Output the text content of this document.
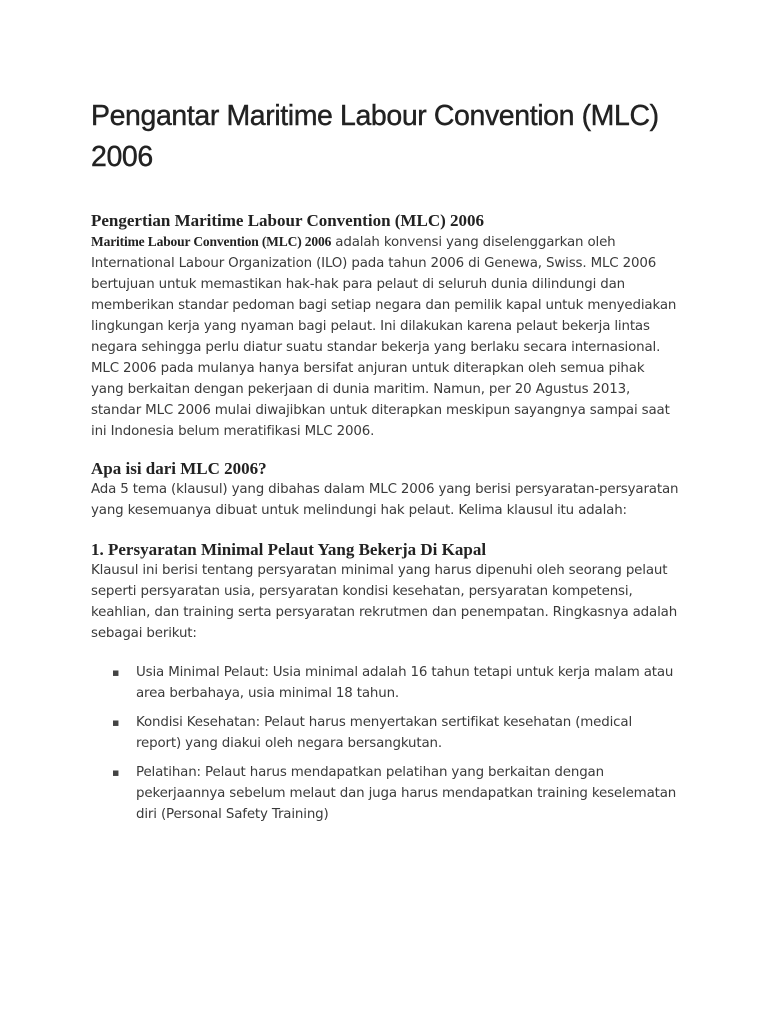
Pengantar Maritime Labour Convention (MLC) 2006
Pengertian Maritime Labour Convention (MLC) 2006

Maritime Labour Convention (MLC) 2006 adalah konvensi yang diselenggarkan oleh International Labour Organization (ILO) pada tahun 2006 di Genewa, Swiss. MLC 2006 bertujuan untuk memastikan hak-hak para pelaut di seluruh dunia dilindungi dan memberikan standar pedoman bagi setiap negara dan pemilik kapal untuk menyediakan lingkungan kerja yang nyaman bagi pelaut. Ini dilakukan karena pelaut bekerja lintas negara sehingga perlu diatur suatu standar bekerja yang berlaku secara internasional.

MLC 2006 pada mulanya hanya bersifat anjuran untuk diterapkan oleh semua pihak yang berkaitan dengan pekerjaan di dunia maritim. Namun, per 20 Agustus 2013, standar MLC 2006 mulai diwajibkan untuk diterapkan meskipun sayangnya sampai saat ini Indonesia belum meratifikasi MLC 2006.

Apa isi dari MLC 2006?

Ada 5 tema (klausul) yang dibahas dalam MLC 2006 yang berisi persyaratan-persyaratan yang kesemuanya dibuat untuk melindungi hak pelaut. Kelima klausul itu adalah:

1. Persyaratan Minimal Pelaut Yang Bekerja Di Kapal

Klausul ini berisi tentang persyaratan minimal yang harus dipenuhi oleh seorang pelaut seperti persyaratan usia, persyaratan kondisi kesehatan, persyaratan kompetensi, keahlian, dan training serta persyaratan rekrutmen dan penempatan. Ringkasnya adalah sebagai berikut:

▪ Usia Minimal Pelaut: Usia minimal adalah 16 tahun tetapi untuk kerja malam atau area berbahaya, usia minimal 18 tahun.
▪ Kondisi Kesehatan: Pelaut harus menyertakan sertifikat kesehatan (medical report) yang diakui oleh negara bersangkutan.
▪ Pelatihan: Pelaut harus mendapatkan pelatihan yang berkaitan dengan pekerjaannya sebelum melaut dan juga harus mendapatkan training keselematan diri (Personal Safety Training)
